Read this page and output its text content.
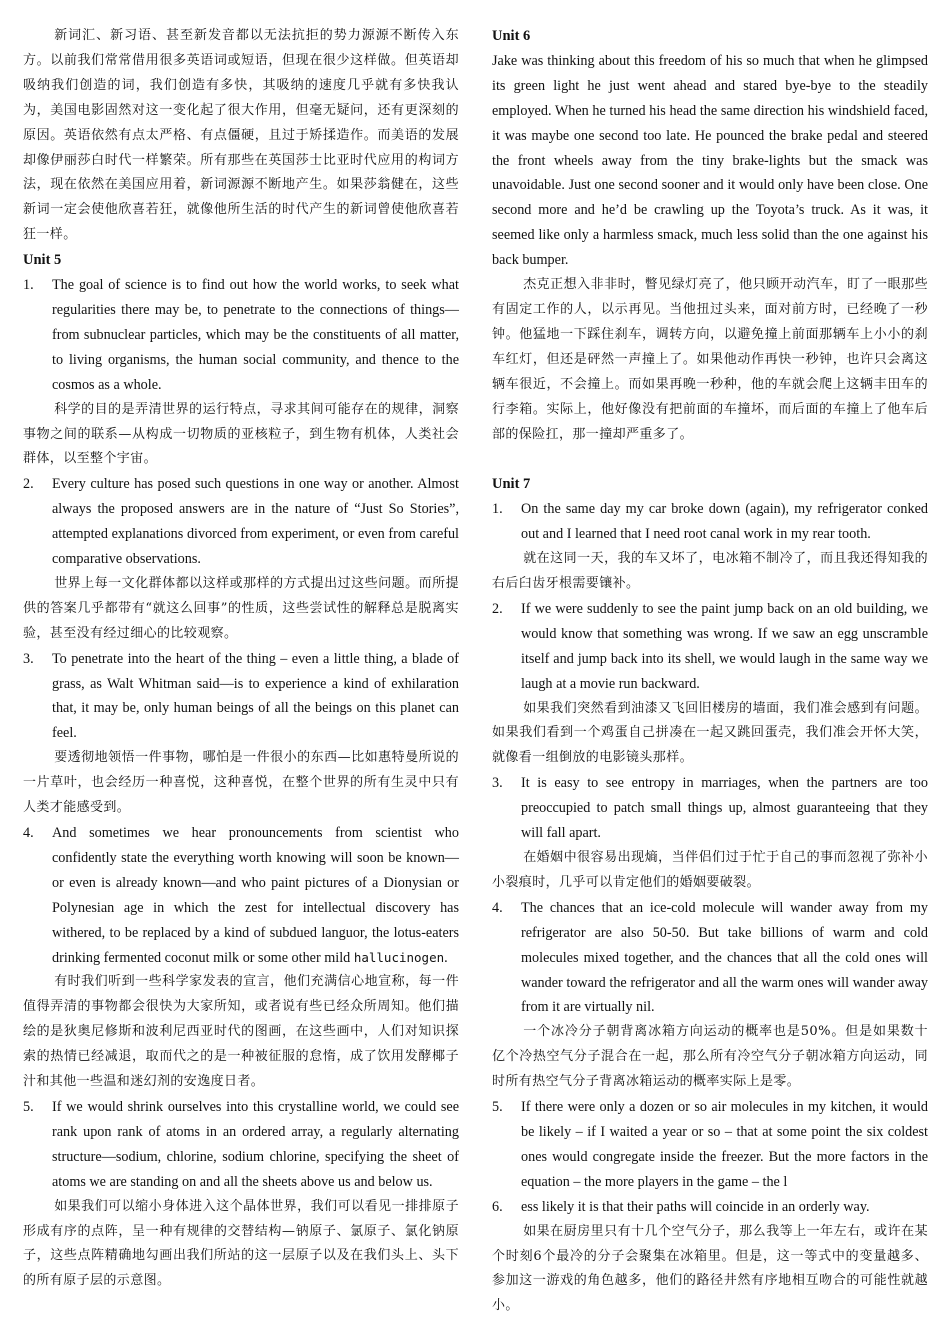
新词汇、新习语、甚至新发音都以无法抗拒的势力源源不断传入东方。以前我们常常借用很多英语词或短语，但现在很少这样做。但英语却吸纳我们创造的词，我们创造有多快，其吸纳的速度几乎就有多快我认为，美国电影固然对这一变化起了很大作用，但毫无疑问，还有更深刻的原因。英语依然有点太严格、有点僵硬，且过于矫揉造作。而美语的发展却像伊丽莎白时代一样繁荣。所有那些在英国莎士比亚时代应用的构词方法，现在依然在美国应用着，新词源源不断地产生。如果莎翁健在，这些新词一定会使他欣喜若狂，就像他所生活的时代产生的新词曾使他欣喜若狂一样。

Unit 5

1.	The goal of science is to find out how the world works, to seek what regularities there may be, to penetrate to the connections of things—from subnuclear particles, which may be the constituents of all matter, to living organisms, the human social community, and thence to the cosmos as a whole.

科学的目的是弄清世界的运行特点，寻求其间可能存在的规律，洞察事物之间的联系—从构成一切物质的亚核粒子，到生物有机体，人类社会群体，以至整个宇宙。

2.	Every culture has posed such questions in one way or another. Almost always the proposed answers are in the nature of “Just So Stories”, attempted explanations divorced from experiment, or even from careful comparative observations.

世界上每一文化群体都以这样或那样的方式提出过这些问题。而所提供的答案几乎都带有“就这么回事”的性质，这些尝试性的解释总是脱离实验，甚至没有经过细心的比较观察。

3.	To penetrate into the heart of the thing – even a little thing, a blade of grass, as Walt Whitman said—is to experience a kind of exhilaration that, it may be, only human beings of all the beings on this planet can feel.

要透彻地领悟一件事物，哪怕是一件很小的东西—比如惠特曼所说的一片草叶，也会经历一种喜悦，这种喜悦，在整个世界的所有生灵中只有人类才能感受到。

4.	And sometimes we hear pronouncements from scientist who confidently state the everything worth knowing will soon be known—or even is already known—and who paint pictures of a Dionysian or Polynesian age in which the zest for intellectual discovery has withered, to be replaced by a kind of subdued languor, the lotus-eaters drinking fermented coconut milk or some other mild hallucinogen.

有时我们听到一些科学家发表的宣言，他们充满信心地宣称，每一件值得弄清的事物都会很快为大家所知，或者说有些已经众所周知。他们描绘的是狄奥尼修斯和波利尼西亚时代的图画，在这些画中，人们对知识探索的热情已经减退，取而代之的是一种被征服的怠惰，成了饮用发酵椰子汁和其他一些温和迷幻剂的安逸度日者。

5.	If we would shrink ourselves into this crystalline world, we could see rank upon rank of atoms in an ordered array, a regularly alternating structure—sodium, chlorine, sodium chlorine, specifying the sheet of atoms we are standing on and all the sheets above us and below us.

如果我们可以缩小身体进入这个晶体世界，我们可以看见一排排原子形成有序的点阵，呈一种有规律的交替结构—钠原子、氯原子、氯化钠原子，这些点阵精确地勾画出我们所站的这一层原子以及在我们头上、头下的所有原子层的示意图。

Unit 6

Jake was thinking about this freedom of his so much that when he glimpsed its green light he just went ahead and stared bye-bye to the steadily employed. When he turned his head the same direction his windshield faced, it was maybe one second too late. He pounced the brake pedal and steered the front wheels away from the tiny brake-lights but the smack was unavoidable. Just one second sooner and it would only have been close. One second more and he’d be crawling up the Toyota’s truck. As it was, it seemed like only a harmless smack, much less solid than the one against his back bumper.

杰克正想入非非时，瞥见绿灯亮了，他只顾开动汽车，盯了一眼那些有固定工作的人，以示再见。当他扭过头来，面对前方时，已经晚了一秒钟。他猛地一下踩住刹车，调转方向，以避免撞上前面那辆车上小小的刹车红灯，但还是砰然一声撞上了。如果他动作再快一秒钟，也许只会离这辆车很近，不会撞上。而如果再晚一秒种，他的车就会爬上这辆丰田车的行李箱。实际上，他好像没有把前面的车撞坏，而后面的车撞上了他车后部的保险扛，那一撞却严重多了。

Unit 7

1.	On the same day my car broke down (again), my refrigerator conked out and I learned that I need root canal work in my rear tooth.

就在这同一天，我的车又坏了，电冰箱不制冷了，而且我还得知我的右后臼齿牙根需要镶补。

2.	If we were suddenly to see the paint jump back on an old building, we would know that something was wrong. If we saw an egg unscramble itself and jump back into its shell, we would laugh in the same way we laugh at a movie run backward.

如果我们突然看到油漆又飞回旧楼房的墙面，我们准会感到有问题。如果我们看到一个鸡蛋自己拼凑在一起又跳回蛋壳，我们准会开怀大笑，就像看一组倒放的电影镜头那样。

3.	It is easy to see entropy in marriages, when the partners are too preoccupied to patch small things up, almost guaranteeing that they will fall apart.

在婚姻中很容易出现熵，当伴侣们过于忙于自己的事而忽视了弥补小小裂痕时，几乎可以肯定他们的婚姻要破裂。

4.	The chances that an ice-cold molecule will wander away from my refrigerator are also 50-50. But take billions of warm and cold molecules mixed together, and the chances that all the cold ones will wander toward the refrigerator and all the warm ones will wander away from it are virtually nil.

一个冰冷分子朝背离冰箱方向运动的概率也是50%。但是如果数十亿个冷热空气分子混合在一起，那么所有冷空气分子朝冰箱方向运动，同时所有热空气分子背离冰箱运动的概率实际上是零。

5.	If there were only a dozen or so air molecules in my kitchen, it would be likely – if I waited a year or so – that at some point the six coldest ones would congregate inside the freezer. But the more factors in the equation – the more players in the game – the l

6.	ess likely it is that their paths will coincide in an orderly way.

如果在厨房里只有十几个空气分子，那么我等上一年左右，或许在某个时刻6个最冷的分子会聚集在冰箱里。但是，这一等式中的变量越多、参加这一游戏的角色越多，他们的路径井然有序地相互吻合的可能性就越小。
